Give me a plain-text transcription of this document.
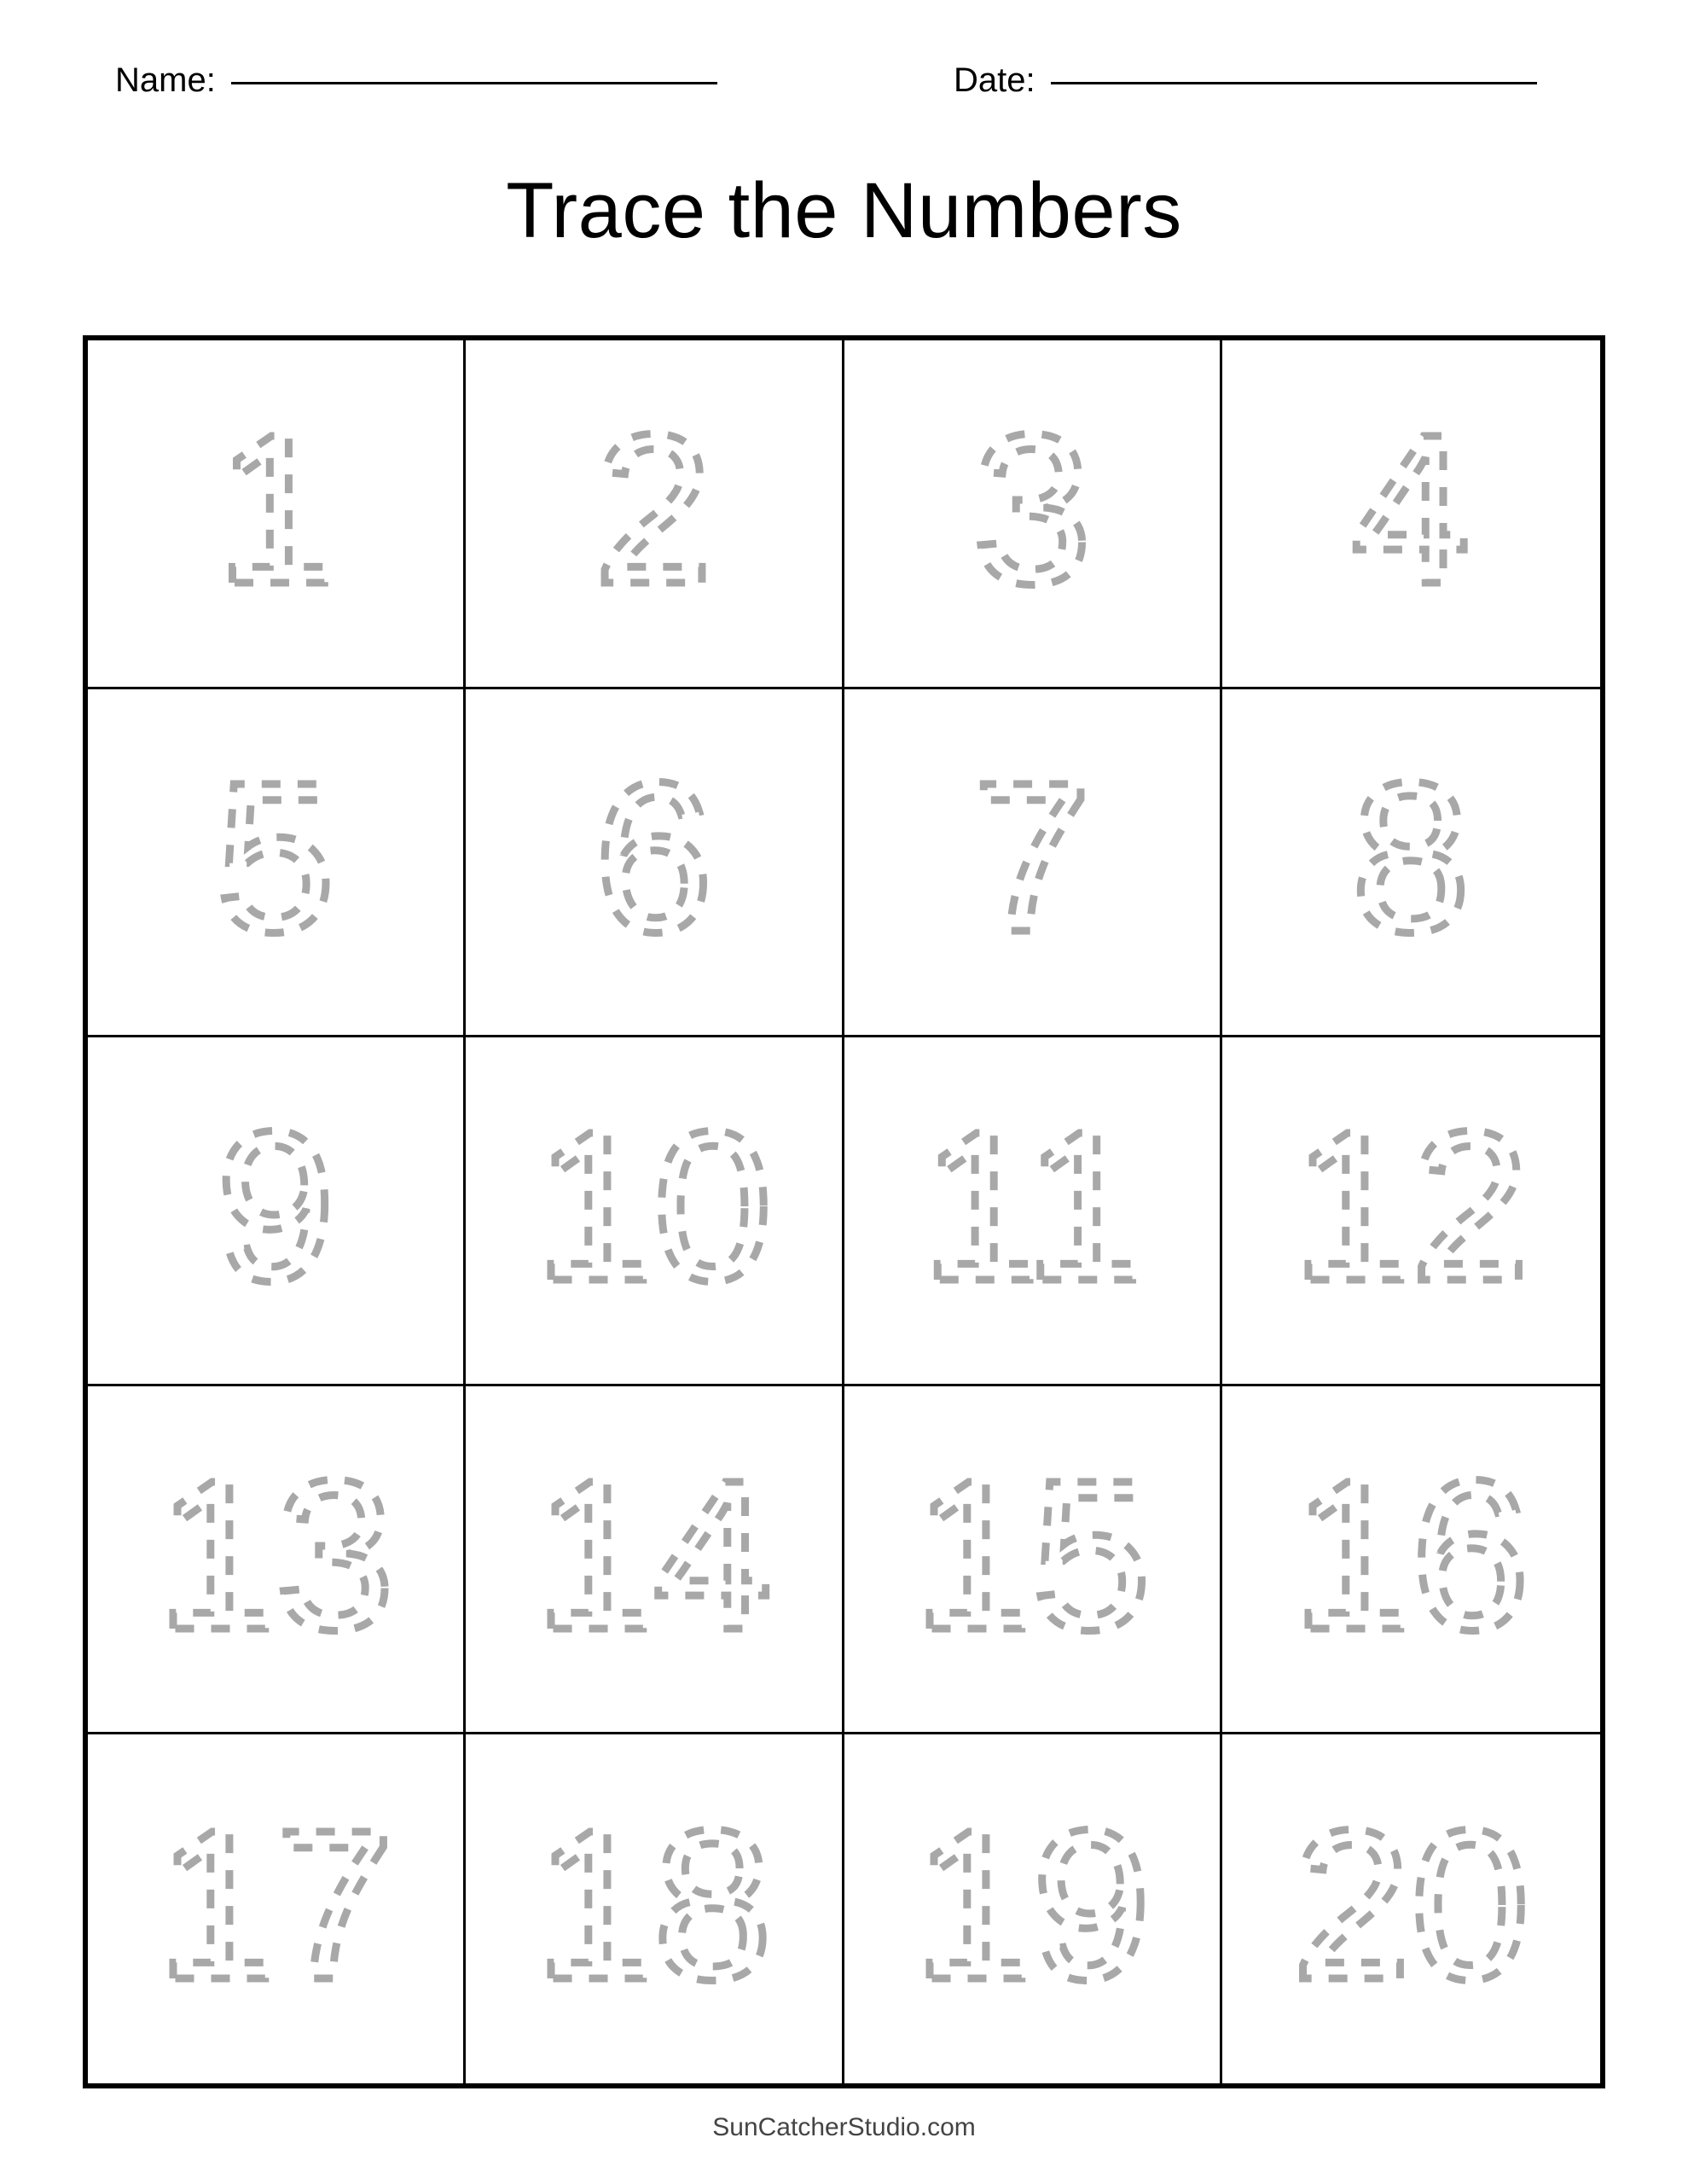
Name:	Date:
Trace the Numbers
1 2 3 4
5 6 7 8
9 10 11 12
13 14 15 16
17 18 19 20
SunCatcherStudio.com
